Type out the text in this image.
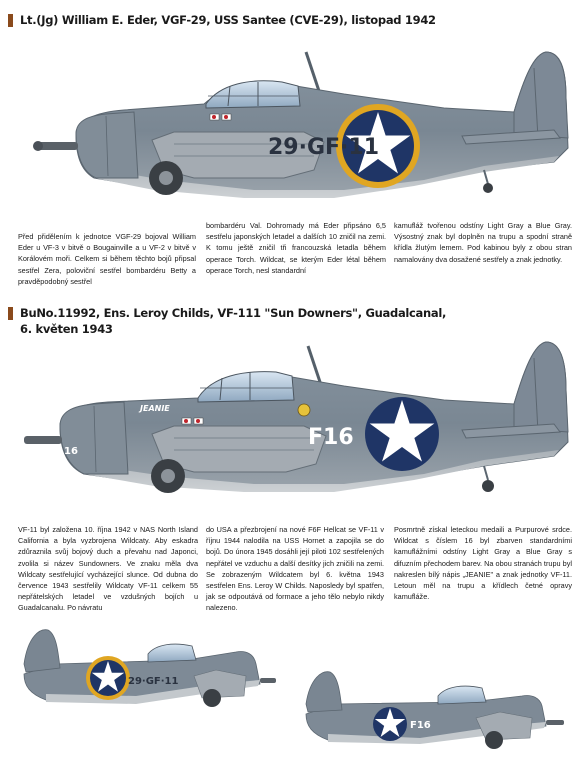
Lt.(Jg) William E. Eder, VGF-29, USS Santee (CVE-29), listopad 1942
29·GF·11
Před přidělením k jednotce VGF-29 bojoval William Eder u VF-3 v bitvě o Bougainville a u VF-2 v bitvě v Korálovém moři. Celkem si během těchto bojů připsal sestřel Zera, poloviční sestřel bombardéru Betty a pravděpodobný sestřel
bombardéru Val. Dohromady má Eder připsáno 6,5 sestřelu japonských letadel a dalších 10 zničil na zemi. K tomu ještě zničil tři francouzská letadla během operace Torch. Wildcat, se kterým Eder létal během operace Torch, nesl standardní
kamufláž tvořenou odstíny Light Gray a Blue Gray. Výsostný znak byl doplněn na trupu a spodní straně křídla žlutým lemem. Pod kabinou byly z obou stran namalovány dva dosažené sestřely a znak jednotky.
BuNo.11992, Ens. Leroy Childs, VF-111 "Sun Downers", Guadalcanal,
6. květen 1943
JEANIE
16
F16
VF-11 byl založena 10. října 1942 v NAS North Island California a byla vyzbrojena Wildcaty. Aby eskadra zdůraznila svůj bojový duch a převahu nad Japonci, zvolila si název Sundowners. Ve znaku měla dva Wildcaty sestřelující vycházející slunce. Od dubna do července 1943 sestřelily Wildcaty VF-11 celkem 55 nepřátelských letadel ve vzdušných bojích u Guadalcanalu. Po návratu
do USA a přezbrojení na nové F6F Hellcat se VF-11 v říjnu 1944 nalodila na USS Hornet a zapojila se do bojů. Do února 1945 dosáhli její piloti 102 sestřelených nepřátel ve vzduchu a další desítky jich zničili na zemi. Se zobrazeným Wildcatem byl 6. května 1943 sestřelen Ens. Leroy W Childs. Naposledy byl spatřen, jak se odpoutává od formace a jeho tělo nebylo nikdy nalezeno.
Posmrtně získal leteckou medaili a Purpurové srdce. Wildcat s číslem 16 byl zbarven standardními kamuflážními odstíny Light Gray a Blue Gray s difuzním přechodem barev. Na obou stranách trupu byl nakreslen bílý nápis „JEANIE" a znak jednotky VF-11. Letoun měl na trupu a křídlech četné opravy kamufláže.
29·GF·11
F16
